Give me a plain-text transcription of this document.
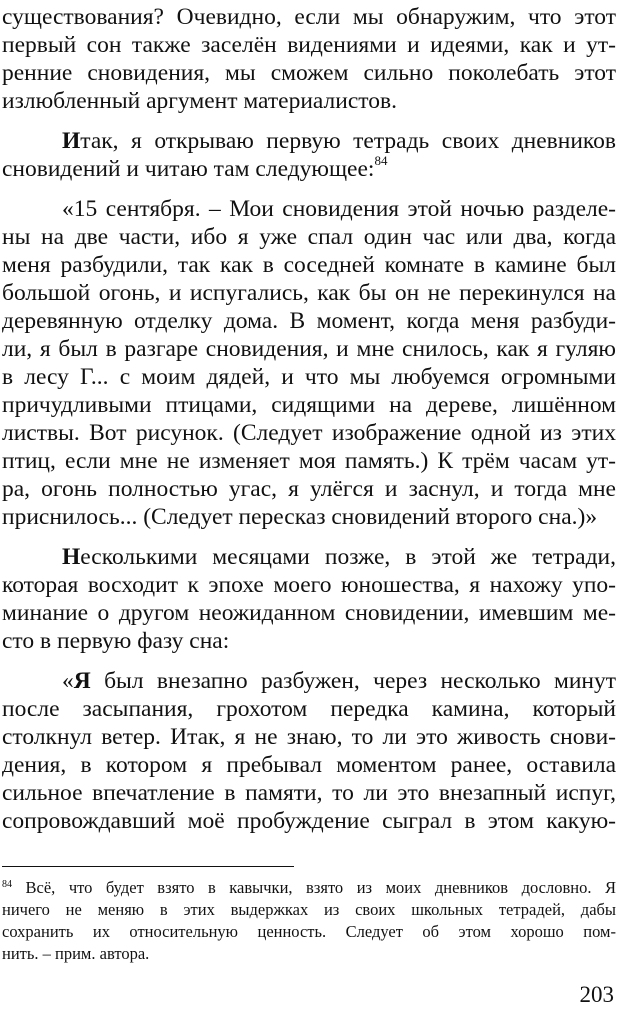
существования? Очевидно, если мы обнаружим, что этот
первый сон также заселён видениями и идеями, как и ут-
ренние сновидения, мы сможем сильно поколебать этот
излюбленный аргумент материалистов.
Итак, я открываю первую тетрадь своих дневников
сновидений и читаю там следующее:$^{84}$
«15 сентября. – Мои сновидения этой ночью разделе-
ны на две части, ибо я уже спал один час или два, когда
меня разбудили, так как в соседней комнате в камине был
большой огонь, и испугались, как бы он не перекинулся на
деревянную отделку дома. В момент, когда меня разбуди-
ли, я был в разгаре сновидения, и мне снилось, как я гуляю
в лесу Г... с моим дядей, и что мы любуемся огромными
причудливыми птицами, сидящими на дереве, лишённом
листвы. Вот рисунок. (Следует изображение одной из этих
птиц, если мне не изменяет моя память.) К трём часам ут-
ра, огонь полностью угас, я улёгся и заснул, и тогда мне
приснилось... (Следует пересказ сновидений второго сна.)»
Несколькими месяцами позже, в этой же тетради,
которая восходит к эпохе моего юношества, я нахожу упо-
минание о другом неожиданном сновидении, имевшим ме-
сто в первую фазу сна:
«Я был внезапно разбужен, через несколько минут
после засыпания, грохотом передка камина, который
столкнул ветер. Итак, я не знаю, то ли это живость снови-
дения, в котором я пребывал моментом ранее, оставила
сильное впечатление в памяти, то ли это внезапный испуг,
сопровождавший моё пробуждение сыграл в этом какую-
$^{84}$ Всё, что будет взято в кавычки, взято из моих дневников дословно. Я
ничего не меняю в этих выдержках из своих школьных тетрадей, дабы
сохранить их относительную ценность. Следует об этом хорошо пом-
нить. – прим. автора.
203
